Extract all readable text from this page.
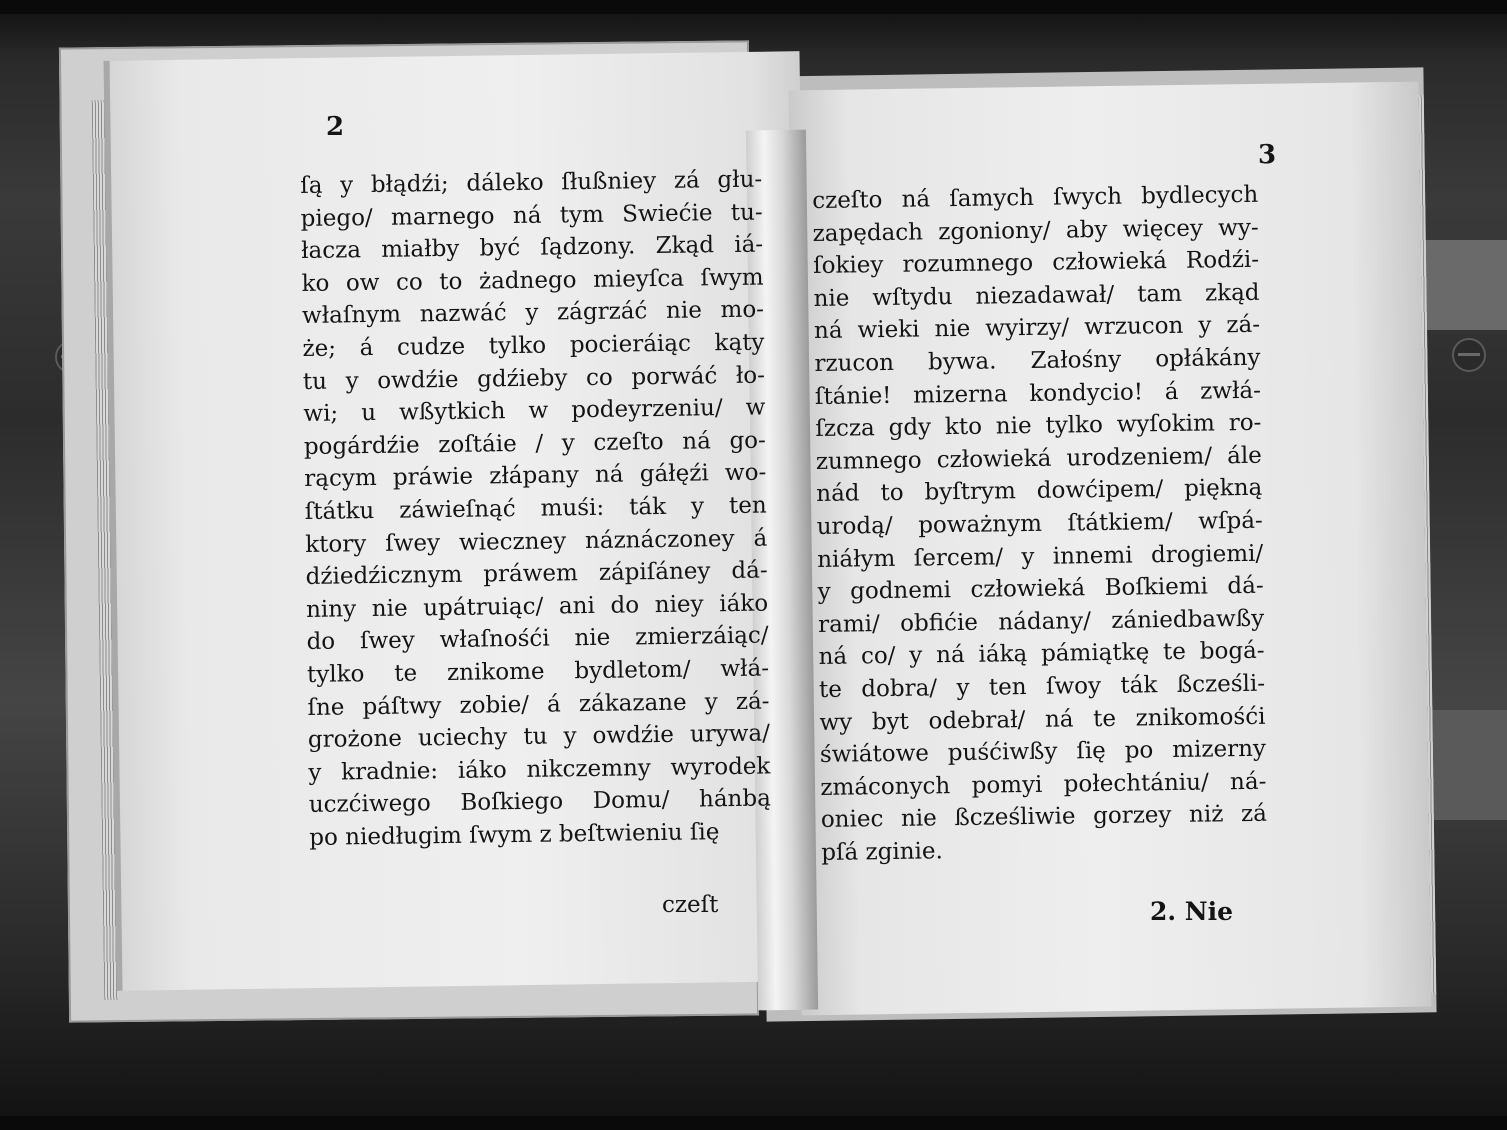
2
3
ſą y błądźi; dáleko ſłußniey zá głu-
piego/ marnego ná tym Swiećie tu-
łacza miałby być ſądzony. Zkąd iá-
ko ow co to żadnego mieyſca ſwym
właſnym nazwáć y zágrzáć nie mo-
że; á cudze tylko pocieráiąc kąty
tu y owdźie gdźieby co porwáć ło-
wi; u wßytkich w podeyrzeniu/ w
pogárdźie zoſtáie / y czeſto ná go-
rącym práwie złápany ná gáłęźi wo-
ſtátku záwieſnąć muśi: ták y ten
ktory ſwey wieczney náznáczoney á
dźiedźicznym práwem zápiſáney dá-
niny nie upátruiąc/ ani do niey iáko
do ſwey właſnośći nie zmierzáiąc/
tylko te znikome bydletom/ włá-
ſne páſtwy zobie/ á zákazane y zá-
grożone uciechy tu y owdźie urywa/
y kradnie: iáko nikczemny wyrodek
uczćiwego Boſkiego Domu/ hánbą
po niedługim ſwym z beſtwieniu ſię
czeſto ná ſamych ſwych bydlecych
zapędach zgoniony/ aby więcey wy-
ſokiey rozumnego człowieká Rodźi-
nie wſtydu niezadawał/ tam zkąd
ná wieki nie wyirzy/ wrzucon y zá-
rzucon bywa. Załośny opłákány
ſtánie! mizerna kondycio! á zwłá-
ſzcza gdy kto nie tylko wyſokim ro-
zumnego człowieká urodzeniem/ ále
nád to byſtrym dowćipem/ piękną
urodą/ poważnym ſtátkiem/ wſpá-
niáłym ſercem/ y innemi drogiemi/
y godnemi człowieká Boſkiemi dá-
rami/ obfićie nádany/ zániedbawßy
ná co/ y ná iáką pámiątkę te bogá-
te dobra/ y ten ſwoy ták ßcześli-
wy byt odebrał/ ná te znikomośći
świátowe puśćiwßy ſię po mizerny
zmáconych pomyi połechtániu/ ná-
oniec nie ßcześliwie gorzey niż zá
pſá zginie.
czeſt	2. Nie
